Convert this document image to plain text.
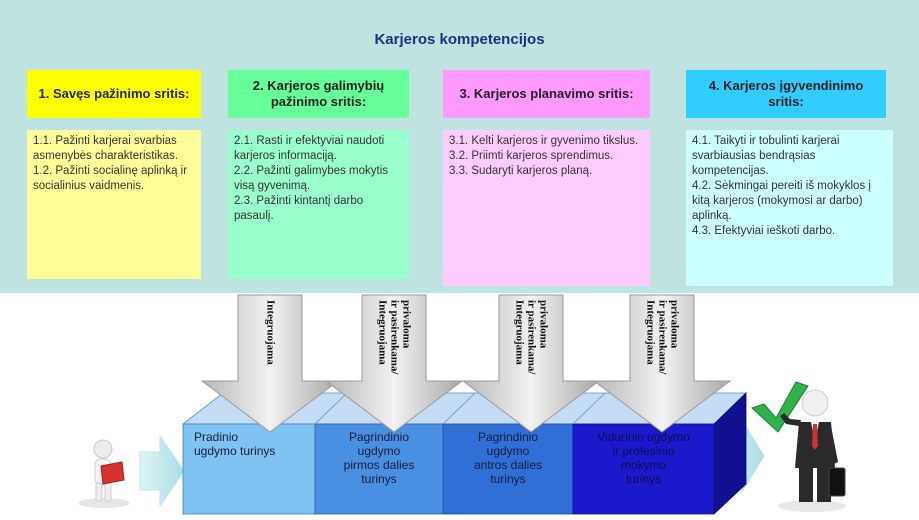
Karjeros kompetencijos
1. Savęs pažinimo sritis:
2. Karjeros galimybių pažinimo sritis:
3. Karjeros planavimo sritis:
4. Karjeros įgyvendinimo sritis:
1.1. Pažinti karjerai svarbias asmenybės charakteristikas.
1.2. Pažinti socialinę aplinką ir socialinius vaidmenis.
2.1. Rasti ir efektyviai naudoti karjeros informaciją.
2.2. Pažinti galimybes mokytis visą gyvenimą.
2.3. Pažinti kintantį darbo pasaulį.
3.1. Kelti karjeros ir gyvenimo tikslus.
3.2. Priimti karjeros sprendimus.
3.3. Sudaryti karjeros planą.
4.1. Taikyti ir tobulinti karjerai svarbiausias bendrąsias kompetencijas.
4.2. Sėkmingai pereiti iš mokyklos į kitą karjeros (mokymosi ar darbo) aplinką.
4.3. Efektyviai ieškoti darbo.
Integruojama	Integruojama ir pasirenkama/ privaloma	Integruojama ir pasirenkama/ privaloma	Integruojama ir pasirenkama/ privaloma
Pradinio
ugdymo turinys
Pagrindinio
ugdymo
pirmos dalies
turinys
Pagrindinio
ugdymo
antros dalies
turinys
Vidurinio ugdymo
ir profesinio
mokymo
turinys
